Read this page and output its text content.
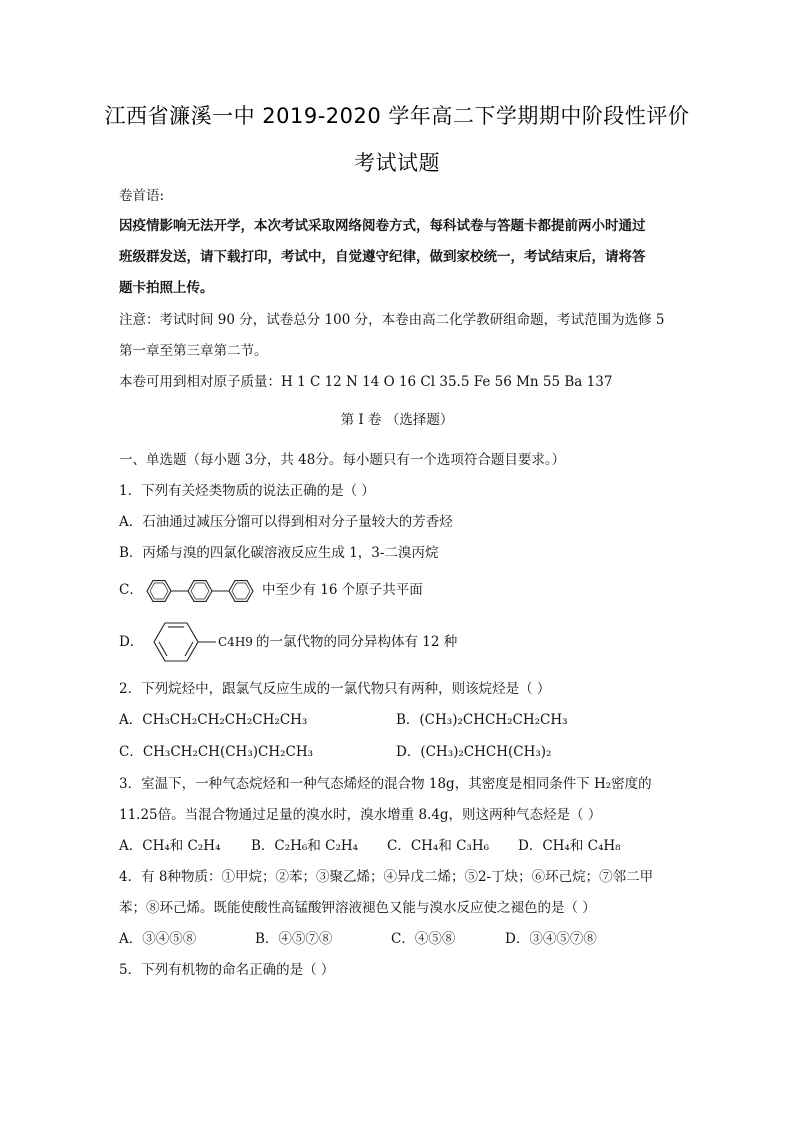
江西省濂溪一中 2019-2020 学年高二下学期期中阶段性评价
考试试题
卷首语:
因疫情影响无法开学，本次考试采取网络阅卷方式，每科试卷与答题卡都提前两小时通过
班级群发送，请下载打印，考试中，自觉遵守纪律，做到家校统一，考试结束后，请将答
题卡拍照上传。
注意：考试时间 90 分，试卷总分 100 分，本卷由高二化学教研组命题，考试范围为选修 5
第一章至第三章第二节。
本卷可用到相对原子质量：H 1 C 12 N 14 O 16 Cl 35.5 Fe 56 Mn 55 Ba 137
第 Ⅰ 卷 （选择题）
一、单选题（每小题 3分，共 48分。每小题只有一个选项符合题目要求。）
1．下列有关烃类物质的说法正确的是（ ）
A．石油通过减压分馏可以得到相对分子量较大的芳香烃
B．丙烯与溴的四氯化碳溶液反应生成 1，3-二溴丙烷
C．	中至少有 16 个原子共平面
D．	C4H9 的一氯代物的同分异构体有 12 种
2．下列烷烃中，跟氯气反应生成的一氯代物只有两种，则该烷烃是（ ）
A．CH₃CH₂CH₂CH₂CH₂CH₃	B．(CH₃)₂CHCH₂CH₂CH₃
C．CH₃CH₂CH(CH₃)CH₂CH₃	D．(CH₃)₂CHCH(CH₃)₂
3．室温下，一种气态烷烃和一种气态烯烃的混合物 18g，其密度是相同条件下 H₂密度的
11.25倍。当混合物通过足量的溴水时，溴水增重 8.4g，则这两种气态烃是（ ）
A．CH₄和 C₂H₄ B．C₂H₆和 C₂H₄ C．CH₄和 C₃H₆ D．CH₄和 C₄H₈
4．有 8种物质：①甲烷；②苯；③聚乙烯；④异戊二烯；⑤2-丁炔；⑥环己烷；⑦邻二甲
苯；⑧环己烯。既能使酸性高锰酸钾溶液褪色又能与溴水反应使之褪色的是（ ）
A．③④⑤⑧	B．④⑤⑦⑧	C．④⑤⑧	D．③④⑤⑦⑧
5．下列有机物的命名正确的是（ ）
